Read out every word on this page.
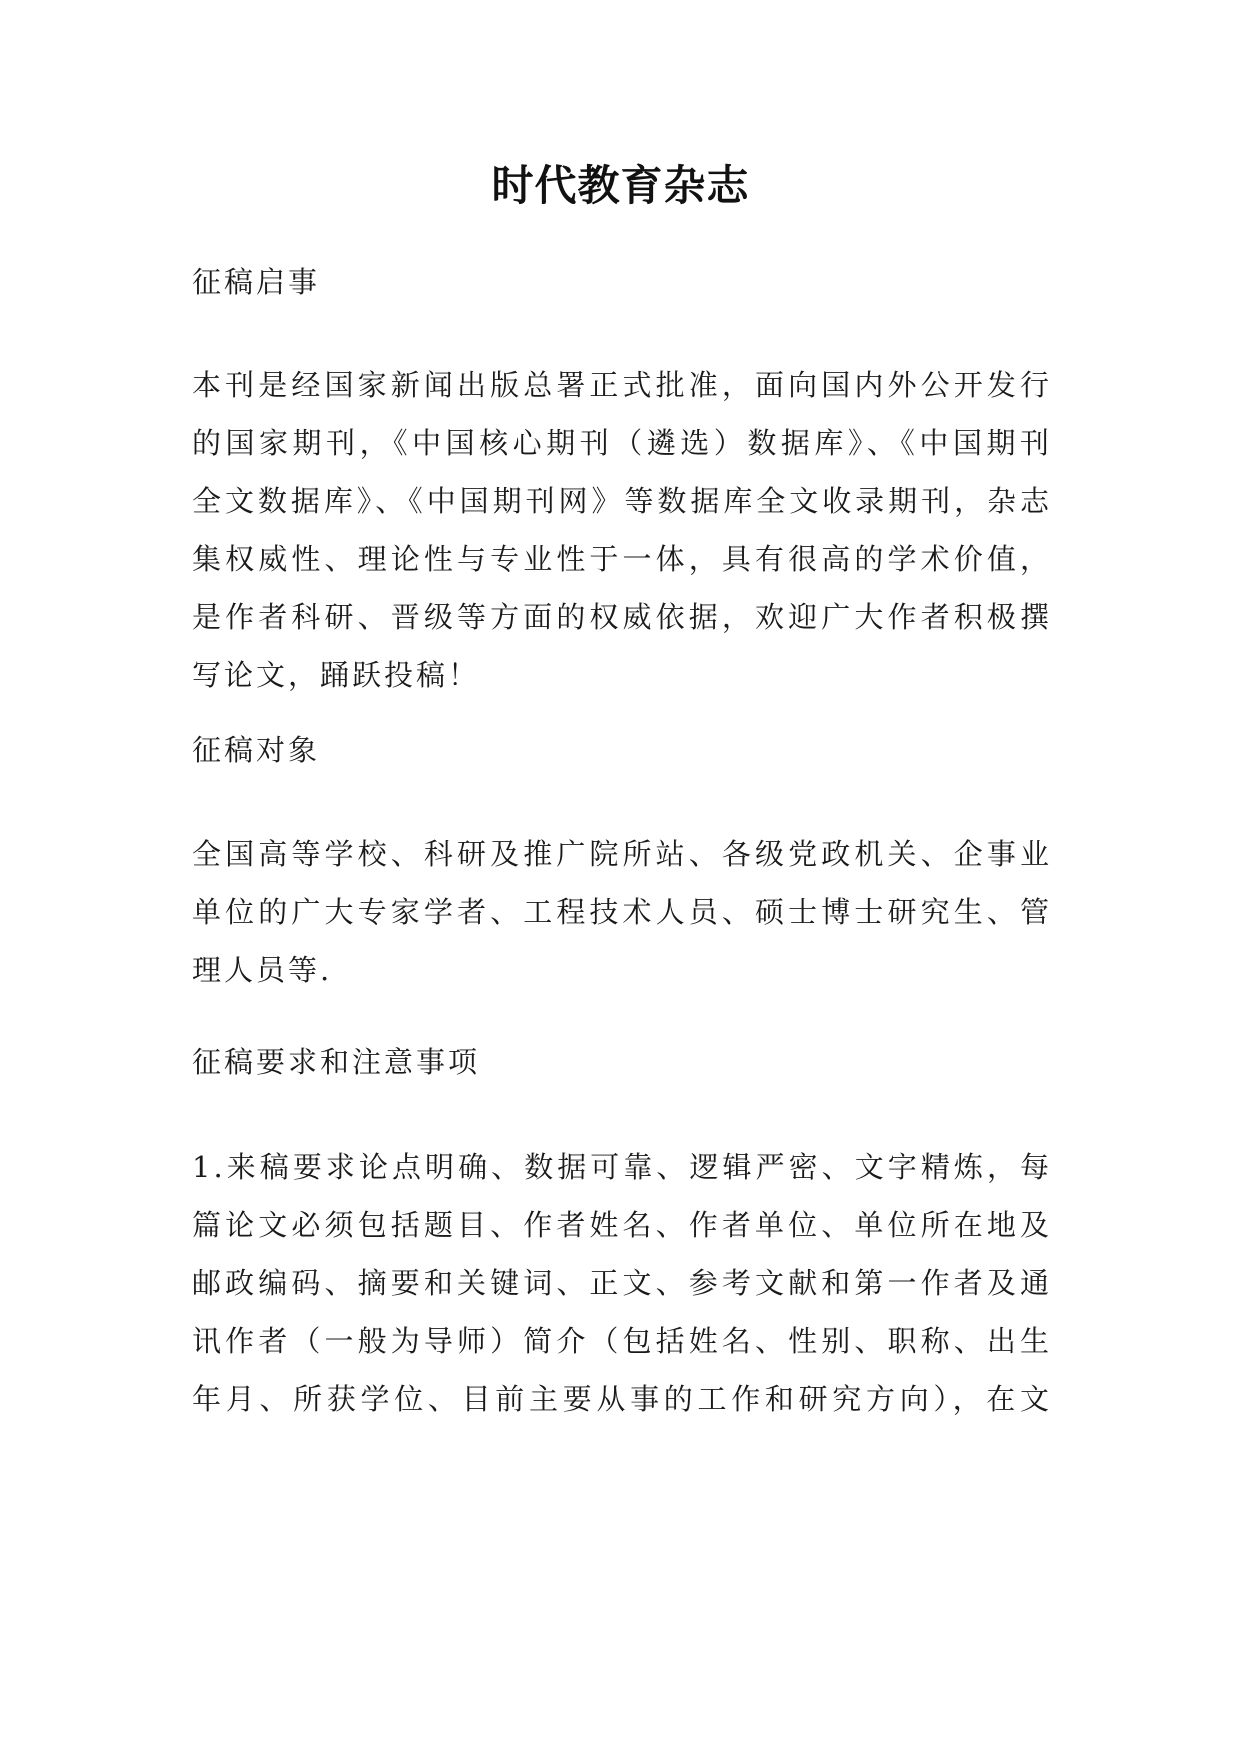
时代教育杂志
征稿启事
本刊是经国家新闻出版总署正式批准，面向国内外公开发行
的国家期刊，《中国核心期刊（遴选）数据库》、《中国期刊
全文数据库》、《中国期刊网》等数据库全文收录期刊，杂志
集权威性、理论性与专业性于一体，具有很高的学术价值，
是作者科研、晋级等方面的权威依据，欢迎广大作者积极撰
写论文，踊跃投稿！
征稿对象
全国高等学校、科研及推广院所站、各级党政机关、企事业
单位的广大专家学者、工程技术人员、硕士博士研究生、管
理人员等.
征稿要求和注意事项
1.来稿要求论点明确、数据可靠、逻辑严密、文字精炼，每
篇论文必须包括题目、作者姓名、作者单位、单位所在地及
邮政编码、摘要和关键词、正文、参考文献和第一作者及通
讯作者（一般为导师）简介（包括姓名、性别、职称、出生
年月、所获学位、目前主要从事的工作和研究方向），在文
